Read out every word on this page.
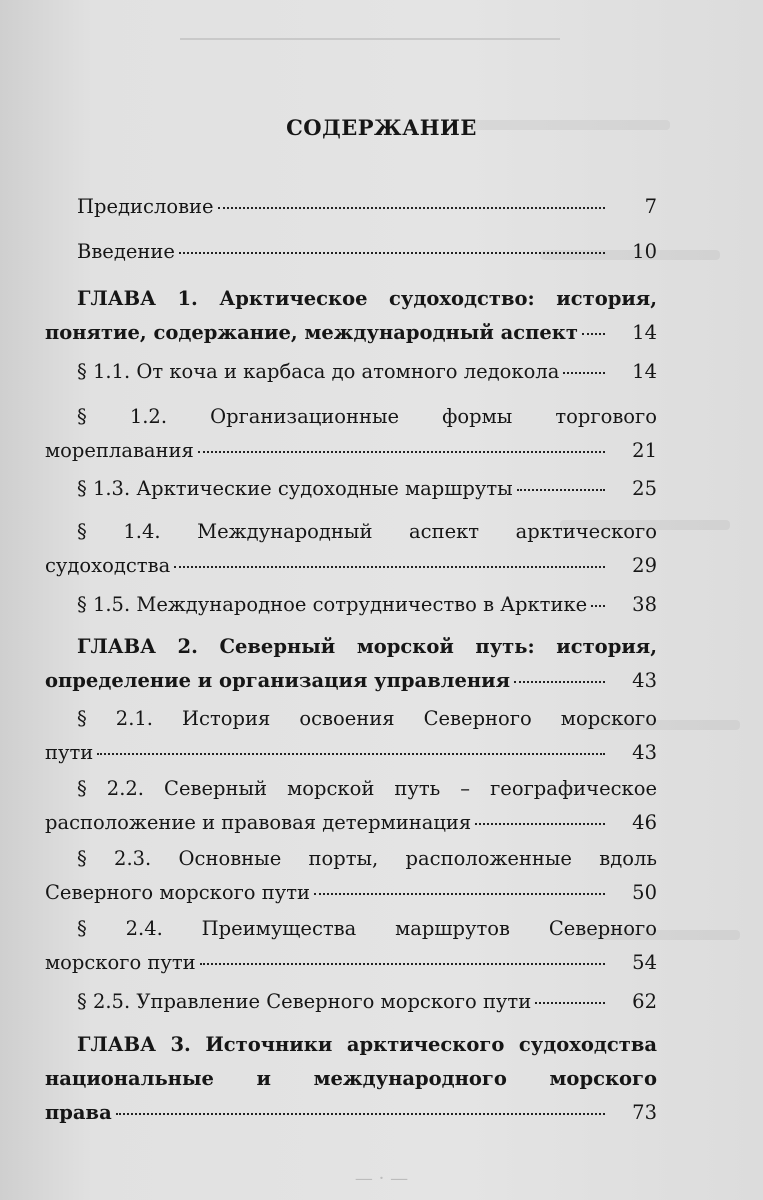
СОДЕРЖАНИЕ
Предисловие	7
Введение	10
ГЛАВА 1. Арктическое судоходство: история,
понятие, содержание, международный аспект	14
§ 1.1. От коча и карбаса до атомного ледокола	14
§ 1.2. Организационные формы торгового
мореплавания	21
§ 1.3. Арктические судоходные маршруты	25
§ 1.4. Международный аспект арктического
судоходства	29
§ 1.5. Международное сотрудничество в Арктике	38
ГЛАВА 2. Северный морской путь: история,
определение и организация управления	43
§ 2.1. История освоения Северного морского
пути	43
§ 2.2. Северный морской путь – географическое
расположение и правовая детерминация	46
§ 2.3. Основные порты, расположенные вдоль
Северного морского пути	50
§ 2.4. Преимущества маршрутов Северного
морского пути	54
§ 2.5. Управление Северного морского пути	62
ГЛАВА 3. Источники арктического судоходства
национальные и международного морского
права	73
— · —
